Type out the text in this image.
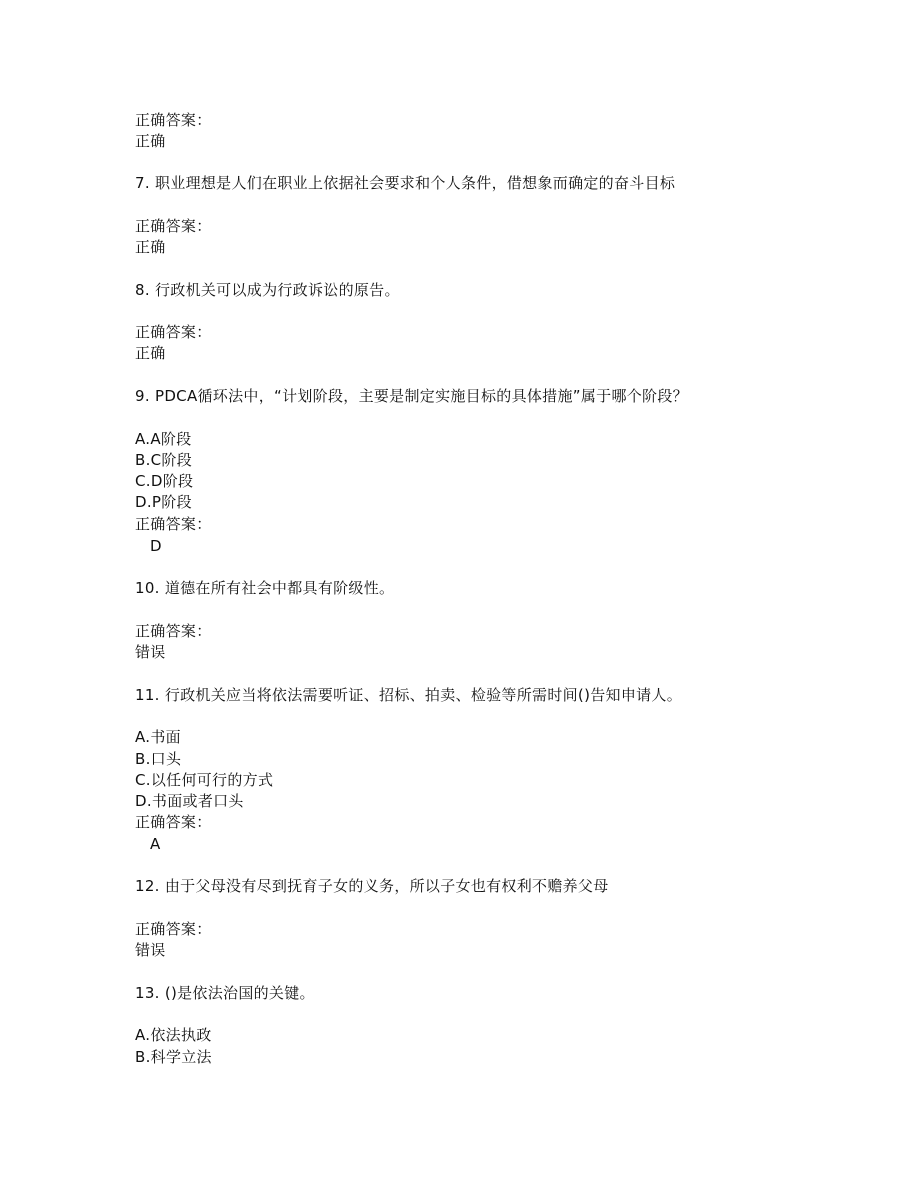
正确答案：
正确
7. 职业理想是人们在职业上依据社会要求和个人条件，借想象而确定的奋斗目标
正确答案：
正确
8. 行政机关可以成为行政诉讼的原告。
正确答案：
正确
9. PDCA循环法中，“计划阶段，主要是制定实施目标的具体措施”属于哪个阶段？
A.A阶段
B.C阶段
C.D阶段
D.P阶段
正确答案：
D
10. 道德在所有社会中都具有阶级性。
正确答案：
错误
11. 行政机关应当将依法需要听证、招标、拍卖、检验等所需时间()告知申请人。
A.书面
B.口头
C.以任何可行的方式
D.书面或者口头
正确答案：
A
12. 由于父母没有尽到抚育子女的义务，所以子女也有权利不赡养父母
正确答案：
错误
13. ()是依法治国的关键。
A.依法执政
B.科学立法
